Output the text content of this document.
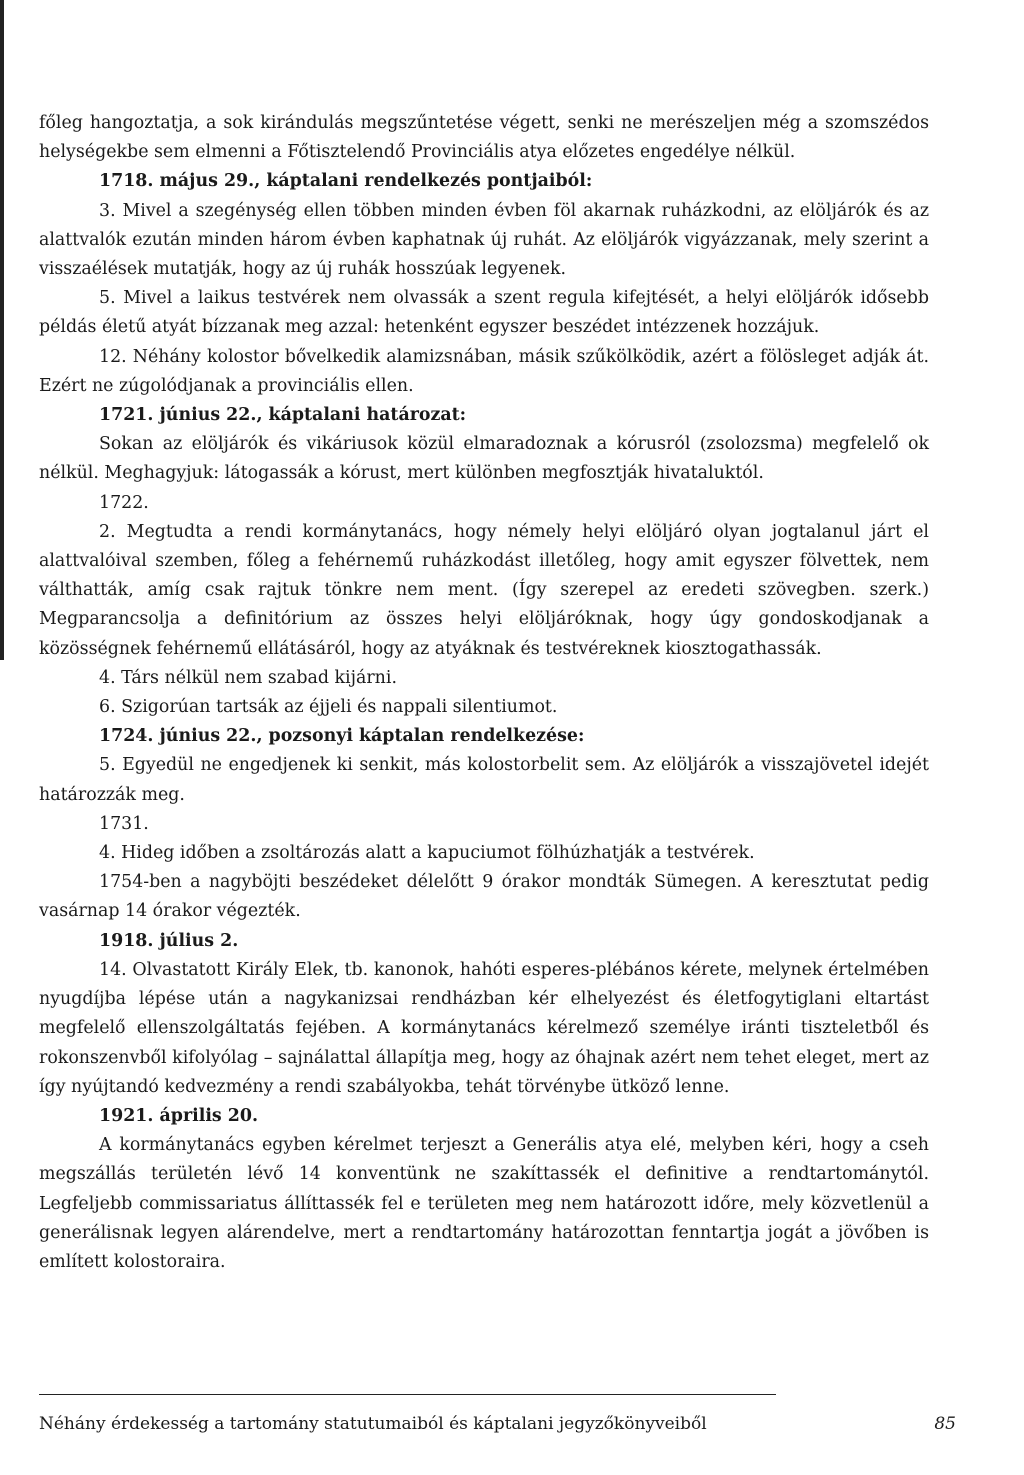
főleg hangoztatja, a sok kirándulás megszűntetése végett, senki ne merészeljen még a szomszédos helységekbe sem elmenni a Főtisztelendő Provinciális atya előzetes engedélye nélkül.

1718. május 29., káptalani rendelkezés pontjaiból:

3. Mivel a szegénység ellen többen minden évben föl akarnak ruházkodni, az elöljárók és az alattvalók ezután minden három évben kaphatnak új ruhát. Az elöljárók vigyázzanak, mely szerint a visszaélések mutatják, hogy az új ruhák hosszúak legyenek.

5. Mivel a laikus testvérek nem olvassák a szent regula kifejtését, a helyi elöljárók idősebb példás életű atyát bízzanak meg azzal: hetenként egyszer beszédet intézzenek hozzájuk.

12. Néhány kolostor bővelkedik alamizsnában, másik szűkölködik, azért a fölösleget adják át. Ezért ne zúgolódjanak a provinciális ellen.

1721. június 22., káptalani határozat:

Sokan az elöljárók és vikáriusok közül elmaradoznak a kórusról (zsolozsma) megfelelő ok nélkül. Meghagyjuk: látogassák a kórust, mert különben megfosztják hivataluktól.

1722.

2. Megtudta a rendi kormánytanács, hogy némely helyi elöljáró olyan jogtalanul járt el alattvalóival szemben, főleg a fehérnemű ruházkodást illetőleg, hogy amit egyszer fölvettek, nem válthatták, amíg csak rajtuk tönkre nem ment. (Így szerepel az eredeti szövegben. szerk.) Megparancsolja a definitórium az összes helyi elöljáróknak, hogy úgy gondoskodjanak a közösségnek fehérnemű ellátásáról, hogy az atyáknak és testvéreknek kiosztogathassák.

4. Társ nélkül nem szabad kijárni.

6. Szigorúan tartsák az éjjeli és nappali silentiumot.

1724. június 22., pozsonyi káptalan rendelkezése:

5. Egyedül ne engedjenek ki senkit, más kolostorbelit sem. Az elöljárók a visszajövetel idejét határozzák meg.

1731.

4. Hideg időben a zsoltározás alatt a kapuciumot fölhúzhatják a testvérek.

1754-ben a nagyböjti beszédeket délelőtt 9 órakor mondták Sümegen. A keresztutat pedig vasárnap 14 órakor végezték.

1918. július 2.

14. Olvastatott Király Elek, tb. kanonok, hahóti esperes-plébános kérete, melynek értelmében nyugdíjba lépése után a nagykanizsai rendházban kér elhelyezést és életfogytiglani eltartást megfelelő ellenszolgáltatás fejében. A kormánytanács kérelmező személye iránti tiszteletből és rokonszenvből kifolyólag – sajnálattal állapítja meg, hogy az óhajnak azért nem tehet eleget, mert az így nyújtandó kedvezmény a rendi szabályokba, tehát törvénybe ütköző lenne.

1921. április 20.

A kormánytanács egyben kérelmet terjeszt a Generális atya elé, melyben kéri, hogy a cseh megszállás területén lévő 14 konventünk ne szakíttassék el definitive a rendtartománytól. Legfeljebb commissariatus állíttassék fel e területen meg nem határozott időre, mely közvetlenül a generálisnak legyen alárendelve, mert a rendtartomány határozottan fenntartja jogát a jövőben is említett kolostoraira.

Néhány érdekesség a tartomány statutumaiból és káptalani jegyzőkönyveiből	85
